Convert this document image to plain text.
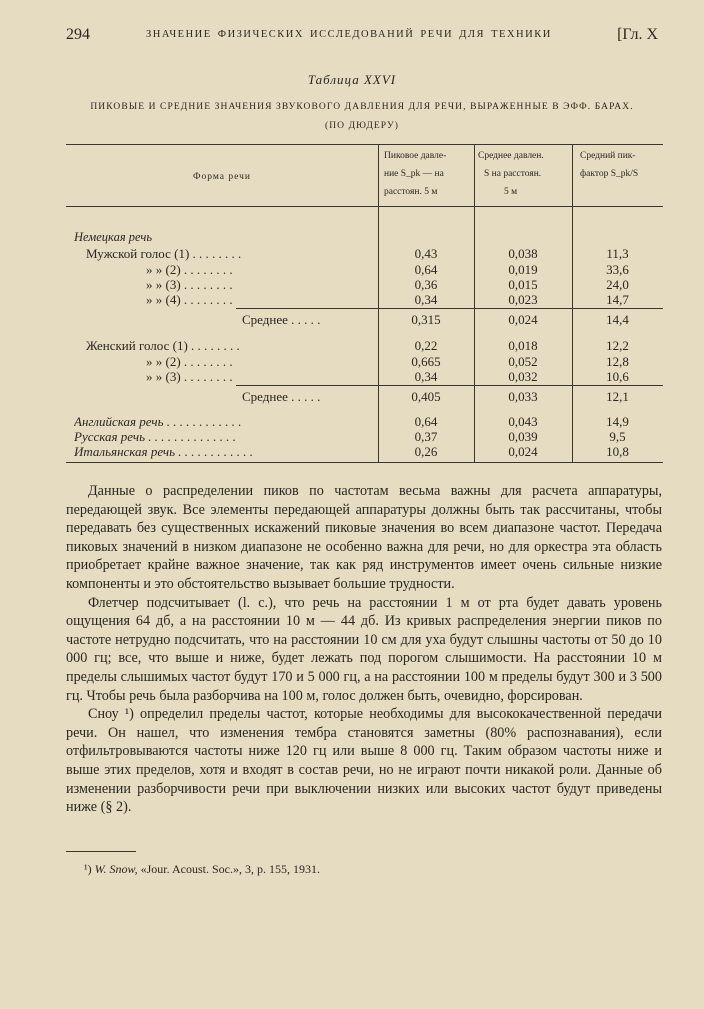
294	ЗНАЧЕНИЕ ФИЗИЧЕСКИХ ИССЛЕДОВАНИЙ РЕЧИ ДЛЯ ТЕХНИКИ	[Гл. X
Таблица XXVI
ПИКОВЫЕ И СРЕДНИЕ ЗНАЧЕНИЯ ЗВУКОВОГО ДАВЛЕНИЯ ДЛЯ РЕЧИ, ВЫРАЖЕННЫЕ В ЭФФ. БАРАХ.
(ПО ДЮДЕРУ)
Форма речи
Пиковое давле-
ние S_pk — на
расстоян. 5 м
Среднее давлен.
S на расстоян.
5 м
Средний пик-
фактор S_pk/S
Немецкая речь
Мужской голос (1) . . . . . . . .	0,43	0,038	11,3
» » (2) . . . . . . . .	0,64	0,019	33,6
» » (3) . . . . . . . .	0,36	0,015	24,0
» » (4) . . . . . . . .	0,34	0,023	14,7
Среднее . . . . .	0,315	0,024	14,4
Женский голос (1) . . . . . . . .	0,22	0,018	12,2
» » (2) . . . . . . . .	0,665	0,052	12,8
» » (3) . . . . . . . .	0,34	0,032	10,6
Среднее . . . . .	0,405	0,033	12,1
Английская речь . . . . . . . . . . . .	0,64	0,043	14,9
Русская речь . . . . . . . . . . . . . .	0,37	0,039	9,5
Итальянская речь . . . . . . . . . . . .	0,26	0,024	10,8

Данные о распределении пиков по частотам весьма важны для расчета аппаратуры, передающей звук. Все элементы передающей аппаратуры должны быть так рассчитаны, чтобы передавать без существенных искажений пиковые значения во всем диапазоне частот. Передача пиковых значений в низком диапазоне не особенно важна для речи, но для оркестра эта область приобретает крайне важное значение, так как ряд инструментов имеет очень сильные низкие компоненты и это обстоятельство вызывает большие трудности.

Флетчер подсчитывает (l. c.), что речь на расстоянии 1 м от рта будет давать уровень ощущения 64 дб, а на расстоянии 10 м — 44 дб. Из кривых распределения энергии пиков по частоте нетрудно подсчитать, что на расстоянии 10 см для уха будут слышны частоты от 50 до 10 000 гц; все, что выше и ниже, будет лежать под порогом слышимости. На расстоянии 10 м пределы слышимых частот будут 170 и 5 000 гц, а на расстоянии 100 м пределы будут 300 и 3 500 гц. Чтобы речь была разборчива на 100 м, голос должен быть, очевидно, форсирован.

Сноу ¹) определил пределы частот, которые необходимы для высококачественной передачи речи. Он нашел, что изменения тембра становятся заметны (80% распознавания), если отфильтровываются частоты ниже 120 гц или выше 8 000 гц. Таким образом частоты ниже и выше этих пределов, хотя и входят в состав речи, но не играют почти никакой роли. Данные об изменении разборчивости речи при выключении низких или высоких частот будут приведены ниже (§ 2).

¹) W. Snow, «Jour. Acoust. Soc.», 3, p. 155, 1931.
